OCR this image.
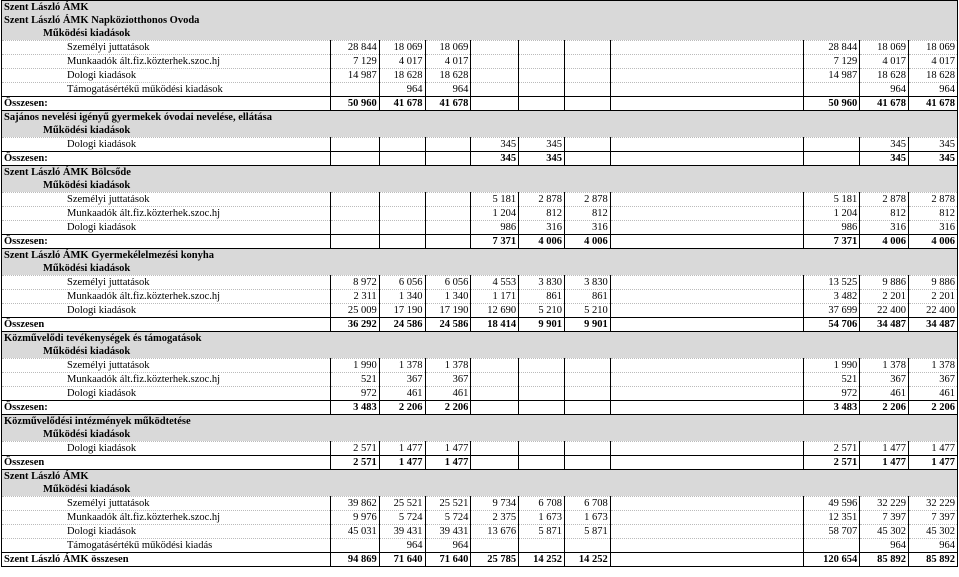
Szent László ÁMK										
Szent László ÁMK Napköziotthonos Ovoda										
Működési kiadások										
Személyi juttatások	28 844	18 069	18 069					28 844	18 069	18 069
Munkaadók ált.fiz.közterhek.szoc.hj	7 129	4 017	4 017					7 129	4 017	4 017
Dologi kiadások	14 987	18 628	18 628					14 987	18 628	18 628
Támogatásértékű működési kiadások		964	964						964	964
Összesen:	50 960	41 678	41 678					50 960	41 678	41 678
Sajános nevelési igényű gyermekek óvodai nevelése, ellátása										
Működési kiadások										
Dologi kiadások				345	345				345	345
Összesen:				345	345				345	345
Szent László ÁMK Bölcsőde										
Működési kiadások										
Személyi juttatások				5 181	2 878	2 878		5 181	2 878	2 878
Munkaadók ált.fiz.közterhek.szoc.hj				1 204	812	812		1 204	812	812
Dologi kiadások				986	316	316		986	316	316
Összesen:				7 371	4 006	4 006		7 371	4 006	4 006
Szent László ÁMK Gyermekélelmezési konyha										
Működési kiadások										
Személyi juttatások	8 972	6 056	6 056	4 553	3 830	3 830		13 525	9 886	9 886
Munkaadók ált.fiz.közterhek.szoc.hj	2 311	1 340	1 340	1 171	861	861		3 482	2 201	2 201
Dologi kiadások	25 009	17 190	17 190	12 690	5 210	5 210		37 699	22 400	22 400
Összesen	36 292	24 586	24 586	18 414	9 901	9 901		54 706	34 487	34 487
Közművelődi tevékenységek és támogatások										
Működési kiadások										
Személyi juttatások	1 990	1 378	1 378					1 990	1 378	1 378
Munkaadók ált.fiz.közterhek.szoc.hj	521	367	367					521	367	367
Dologi kiadások	972	461	461					972	461	461
Összesen:	3 483	2 206	2 206					3 483	2 206	2 206
Közművelődési intézmények működtetése										
Működési kiadások										
Dologi kiadások	2 571	1 477	1 477					2 571	1 477	1 477
Összesen	2 571	1 477	1 477					2 571	1 477	1 477
Szent László ÁMK										
Működési kiadások										
Személyi juttatások	39 862	25 521	25 521	9 734	6 708	6 708		49 596	32 229	32 229
Munkaadók ált.fiz.közterhek.szoc.hj	9 976	5 724	5 724	2 375	1 673	1 673		12 351	7 397	7 397
Dologi kiadások	45 031	39 431	39 431	13 676	5 871	5 871		58 707	45 302	45 302
Támogatásértékű működési kiadás		964	964						964	964
Szent László ÁMK összesen	94 869	71 640	71 640	25 785	14 252	14 252		120 654	85 892	85 892
